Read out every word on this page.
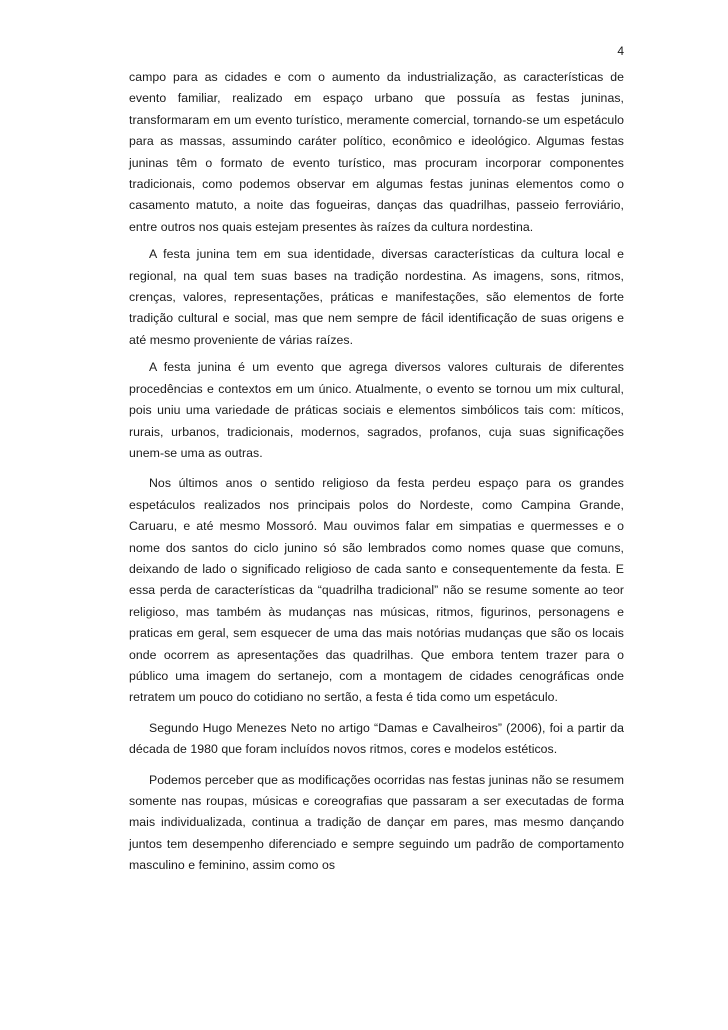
4

campo para as cidades e com o aumento da industrialização, as características de evento familiar, realizado em espaço urbano que possuía as festas juninas, transformaram em um evento turístico, meramente comercial, tornando-se um espetáculo para as massas, assumindo caráter político, econômico e ideológico. Algumas festas juninas têm o formato de evento turístico, mas procuram incorporar componentes tradicionais, como podemos observar em algumas festas juninas elementos como o casamento matuto, a noite das fogueiras, danças das quadrilhas, passeio ferroviário, entre outros nos quais estejam presentes às raízes da cultura nordestina.

A festa junina tem em sua identidade, diversas características da cultura local e regional, na qual tem suas bases na tradição nordestina. As imagens, sons, ritmos, crenças, valores, representações, práticas e manifestações, são elementos de forte tradição cultural e social, mas que nem sempre de fácil identificação de suas origens e até mesmo proveniente de várias raízes.

A festa junina é um evento que agrega diversos valores culturais de diferentes procedências e contextos em um único. Atualmente, o evento se tornou um mix cultural, pois uniu uma variedade de práticas sociais e elementos simbólicos tais com: míticos, rurais, urbanos, tradicionais, modernos, sagrados, profanos, cuja suas significações unem-se uma as outras.

Nos últimos anos o sentido religioso da festa perdeu espaço para os grandes espetáculos realizados nos principais polos do Nordeste, como Campina Grande, Caruaru, e até mesmo Mossoró. Mau ouvimos falar em simpatias e quermesses e o nome dos santos do ciclo junino só são lembrados como nomes quase que comuns, deixando de lado o significado religioso de cada santo e consequentemente da festa. E essa perda de características da “quadrilha tradicional” não se resume somente ao teor religioso, mas também às mudanças nas músicas, ritmos, figurinos, personagens e praticas em geral, sem esquecer de uma das mais notórias mudanças que são os locais onde ocorrem as apresentações das quadrilhas. Que embora tentem trazer para o público uma imagem do sertanejo, com a montagem de cidades cenográficas onde retratem um pouco do cotidiano no sertão, a festa é tida como um espetáculo.

Segundo Hugo Menezes Neto no artigo “Damas e Cavalheiros” (2006), foi a partir da década de 1980 que foram incluídos novos ritmos, cores e modelos estéticos.

Podemos perceber que as modificações ocorridas nas festas juninas não se resumem somente nas roupas, músicas e coreografias que passaram a ser executadas de forma mais individualizada, continua a tradição de dançar em pares, mas mesmo dançando juntos tem desempenho diferenciado e sempre seguindo um padrão de comportamento masculino e feminino, assim como os
